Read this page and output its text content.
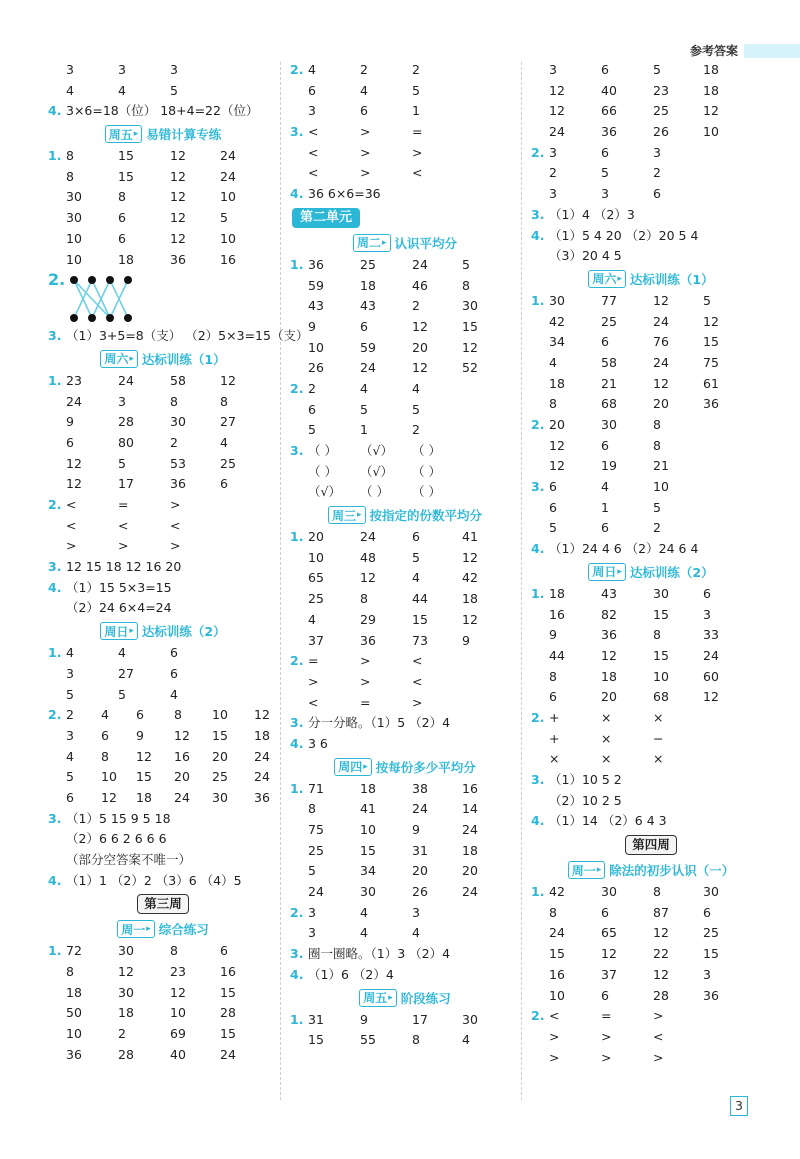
参考答案
3	3	3
4	4	5
4. 3×6=18（位） 18+4=22（位）
周五 ▸	易错计算专练
1. 8	15	12	24
8	15	12	24
30	8	12	10
30	6	12	5
10	6	12	10
10	18	36	16
2.
3. （1）3+5=8（支） （2）5×3=15（支）
周六 ▸	达标训练（1）
1. 23	24	58	12
24	3	8	8
9	28	30	27
6	80	2	4
12	5	53	25
12	17	36	6
2. <	=	>
<	<	<
>	>	>
3. 12 15 18 12 16 20
4. （1）15 5×3=15
（2）24 6×4=24
周日 ▸	达标训练（2）
1. 4	4	6
3	27	6
5	5	4
2. 2 4 6 8 10 12
3 6 9 12 15 18
4 8 12 16 20 24
5 10 15 20 25 24
6 12 18 24 30 36
3. （1）5 15 9 5 18
（2）6 6 2 6 6 6
（部分空答案不唯一）
4. （1）1 （2）2 （3）6 （4）5
第三周
周一 ▸	综合练习
1. 72	30	8	6
8	12	23	16
18	30	12	15
50	18	10	28
10	2	69	15
36	28	40	24
2. 4	2	2
6	4	5
3	6	1
3. <	>	=
<	>	>
<	>	<
4. 36 6×6=36
第二单元
周二 ▸	认识平均分
1. 36	25	24	5
59	18	46	8
43	43	2	30
9	6	12	15
10	59	20	12
26	24	12	52
2. 2	4	4
6	5	5
5	1	2
3. （ ） （√） （ ）
（ ） （√） （ ）
（√） （ ） （ ）
周三 ▸	按指定的份数平均分
1. 20	24	6	41
10	48	5	12
65	12	4	42
25	8	44	18
4	29	15	12
37	36	73	9
2. =	>	<
>	>	<
<	=	>
3. 分一分略。（1）5 （2）4
4. 3 6
周四 ▸	按每份多少平均分
1. 71	18	38	16
8	41	24	14
75	10	9	24
25	15	31	18
5	34	20	20
24	30	26	24
2. 3	4	3
3	4	4
3. 圈一圈略。（1）3 （2）4
4. （1）6 （2）4
周五 ▸	阶段练习
1. 31	9	17	30
15	55	8	4
3	6	5	18
12	40	23	18
12	66	25	12
24	36	26	10
2. 3	6	3
2	5	2
3	3	6
3. （1）4 （2）3
4. （1）5 4 20 （2）20 5 4
（3）20 4 5
周六 ▸	达标训练（1）
1. 30	77	12	5
42	25	24	12
34	6	76	15
4	58	24	75
18	21	12	61
8	68	20	36
2. 20	30	8
12	6	8
12	19	21
3. 6	4	10
6	1	5
5	6	2
4. （1）24 4 6 （2）24 6 4
周日 ▸	达标训练（2）
1. 18	43	30	6
16	82	15	3
9	36	8	33
44	12	15	24
8	18	10	60
6	20	68	12
2. +	×	×
+	×	−
×	×	×
3. （1）10 5 2
（2）10 2 5
4. （1）14 （2）6 4 3
第四周
周一 ▸	除法的初步认识（一）
1. 42	30	8	30
8	6	87	6
24	65	12	25
15	12	22	15
16	37	12	3
10	6	28	36
2. <	=	>
>	>	<
>	>	>
3
